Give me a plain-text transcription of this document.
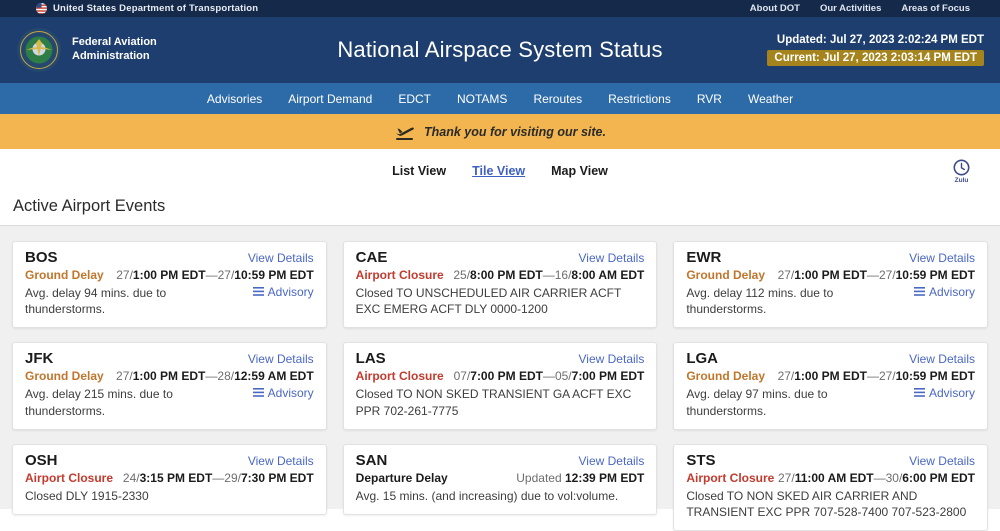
United States Department of Transportation	About DOT Our Activities Areas of Focus
Federal Aviation
Administration	National Airspace System Status	Updated: Jul 27, 2023 2:02:24 PM EDT
Current: Jul 27, 2023 2:03:14 PM EDT
Advisories Airport Demand EDCT NOTAMS Reroutes Restrictions RVR Weather
Thank you for visiting our site.
List View Tile View Map View
Zulu
Active Airport Events
BOS	View Details
Ground Delay 27/1:00 PM EDT—27/10:59 PM EDT
Avg. delay 94 mins. due to thunderstorms.
Advisory
CAE	View Details
Airport Closure 25/8:00 PM EDT—16/8:00 AM EDT
Closed TO UNSCHEDULED AIR CARRIER ACFT EXC EMERG ACFT DLY 0000-1200
EWR	View Details
Ground Delay 27/1:00 PM EDT—27/10:59 PM EDT
Avg. delay 112 mins. due to thunderstorms.
Advisory
JFK	View Details
Ground Delay 27/1:00 PM EDT—28/12:59 AM EDT
Avg. delay 215 mins. due to thunderstorms.
Advisory
LAS	View Details
Airport Closure 07/7:00 PM EDT—05/7:00 PM EDT
Closed TO NON SKED TRANSIENT GA ACFT EXC PPR 702-261-7775
LGA	View Details
Ground Delay 27/1:00 PM EDT—27/10:59 PM EDT
Avg. delay 97 mins. due to thunderstorms.
Advisory
OSH	View Details
Airport Closure 24/3:15 PM EDT—29/7:30 PM EDT
Closed DLY 1915-2330
SAN	View Details
Departure Delay	Updated 12:39 PM EDT
Avg. 15 mins. (and increasing) due to vol:volume.
STS	View Details
Airport Closure 27/11:00 AM EDT—30/6:00 PM EDT
Closed TO NON SKED AIR CARRIER AND TRANSIENT EXC PPR 707-528-7400 707-523-2800
